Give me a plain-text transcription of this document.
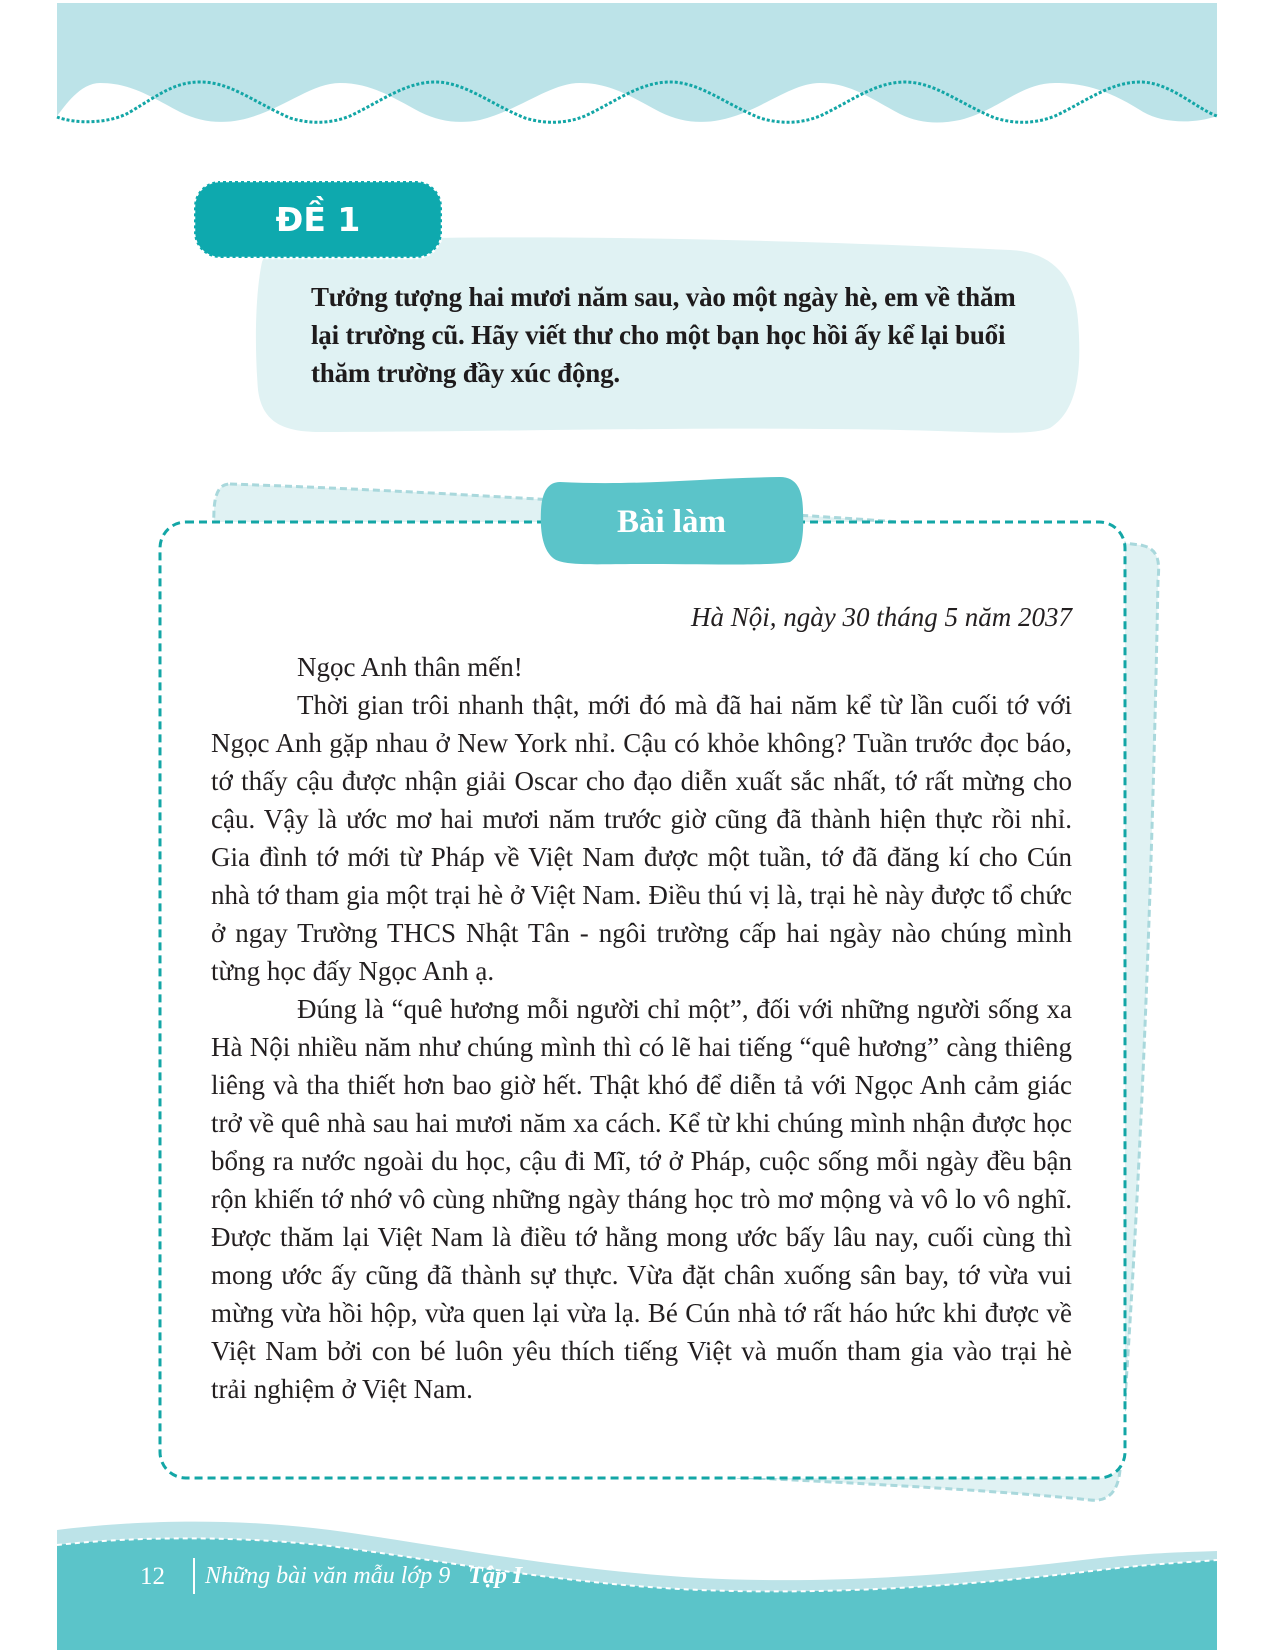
ĐỀ 1
Tưởng tượng hai mươi năm sau, vào một ngày hè, em về thăm lại trường cũ. Hãy viết thư cho một bạn học hồi ấy kể lại buổi thăm trường đầy xúc động.
Bài làm
Hà Nội, ngày 30 tháng 5 năm 2037

Ngọc Anh thân mến!

Thời gian trôi nhanh thật, mới đó mà đã hai năm kể từ lần cuối tớ với Ngọc Anh gặp nhau ở New York nhỉ. Cậu có khỏe không? Tuần trước đọc báo, tớ thấy cậu được nhận giải Oscar cho đạo diễn xuất sắc nhất, tớ rất mừng cho cậu. Vậy là ước mơ hai mươi năm trước giờ cũng đã thành hiện thực rồi nhỉ. Gia đình tớ mới từ Pháp về Việt Nam được một tuần, tớ đã đăng kí cho Cún nhà tớ tham gia một trại hè ở Việt Nam. Điều thú vị là, trại hè này được tổ chức ở ngay Trường THCS Nhật Tân - ngôi trường cấp hai ngày nào chúng mình từng học đấy Ngọc Anh ạ.

Đúng là “quê hương mỗi người chỉ một”, đối với những người sống xa Hà Nội nhiều năm như chúng mình thì có lẽ hai tiếng “quê hương” càng thiêng liêng và tha thiết hơn bao giờ hết. Thật khó để diễn tả với Ngọc Anh cảm giác trở về quê nhà sau hai mươi năm xa cách. Kể từ khi chúng mình nhận được học bổng ra nước ngoài du học, cậu đi Mĩ, tớ ở Pháp, cuộc sống mỗi ngày đều bận rộn khiến tớ nhớ vô cùng những ngày tháng học trò mơ mộng và vô lo vô nghĩ. Được thăm lại Việt Nam là điều tớ hằng mong ước bấy lâu nay, cuối cùng thì mong ước ấy cũng đã thành sự thực. Vừa đặt chân xuống sân bay, tớ vừa vui mừng vừa hồi hộp, vừa quen lại vừa lạ. Bé Cún nhà tớ rất háo hức khi được về Việt Nam bởi con bé luôn yêu thích tiếng Việt và muốn tham gia vào trại hè trải nghiệm ở Việt Nam.

12 Những bài văn mẫu lớp 9 Tập I
